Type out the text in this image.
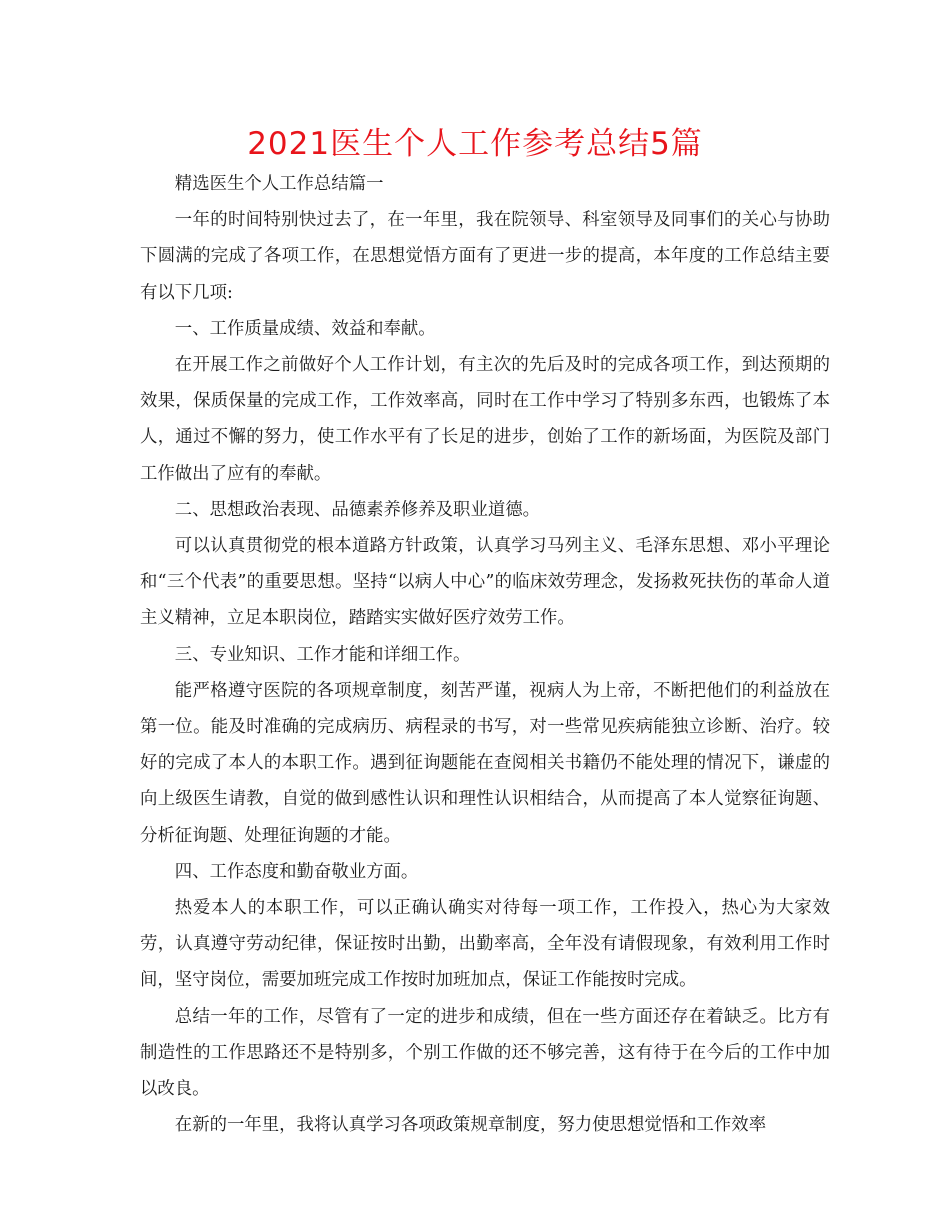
2021医生个人工作参考总结5篇

精选医生个人工作总结篇一

一年的时间特别快过去了，在一年里，我在院领导、科室领导及同事们的关心与协助下圆满的完成了各项工作，在思想觉悟方面有了更进一步的提高，本年度的工作总结主要有以下几项:

一、工作质量成绩、效益和奉献。

在开展工作之前做好个人工作计划，有主次的先后及时的完成各项工作，到达预期的效果，保质保量的完成工作，工作效率高，同时在工作中学习了特别多东西，也锻炼了本人，通过不懈的努力，使工作水平有了长足的进步，创始了工作的新场面，为医院及部门工作做出了应有的奉献。

二、思想政治表现、品德素养修养及职业道德。

可以认真贯彻党的根本道路方针政策，认真学习马列主义、毛泽东思想、邓小平理论和“三个代表”的重要思想。坚持“以病人中心”的临床效劳理念，发扬救死扶伤的革命人道主义精神，立足本职岗位，踏踏实实做好医疗效劳工作。

三、专业知识、工作才能和详细工作。

能严格遵守医院的各项规章制度，刻苦严谨，视病人为上帝，不断把他们的利益放在第一位。能及时准确的完成病历、病程录的书写，对一些常见疾病能独立诊断、治疗。较好的完成了本人的本职工作。遇到征询题能在查阅相关书籍仍不能处理的情况下，谦虚的向上级医生请教，自觉的做到感性认识和理性认识相结合，从而提高了本人觉察征询题、分析征询题、处理征询题的才能。

四、工作态度和勤奋敬业方面。

热爱本人的本职工作，可以正确认确实对待每一项工作，工作投入，热心为大家效劳，认真遵守劳动纪律，保证按时出勤，出勤率高，全年没有请假现象，有效利用工作时间，坚守岗位，需要加班完成工作按时加班加点，保证工作能按时完成。

总结一年的工作，尽管有了一定的进步和成绩，但在一些方面还存在着缺乏。比方有制造性的工作思路还不是特别多，个别工作做的还不够完善，这有待于在今后的工作中加以改良。

在新的一年里，我将认真学习各项政策规章制度，努力使思想觉悟和工作效率
